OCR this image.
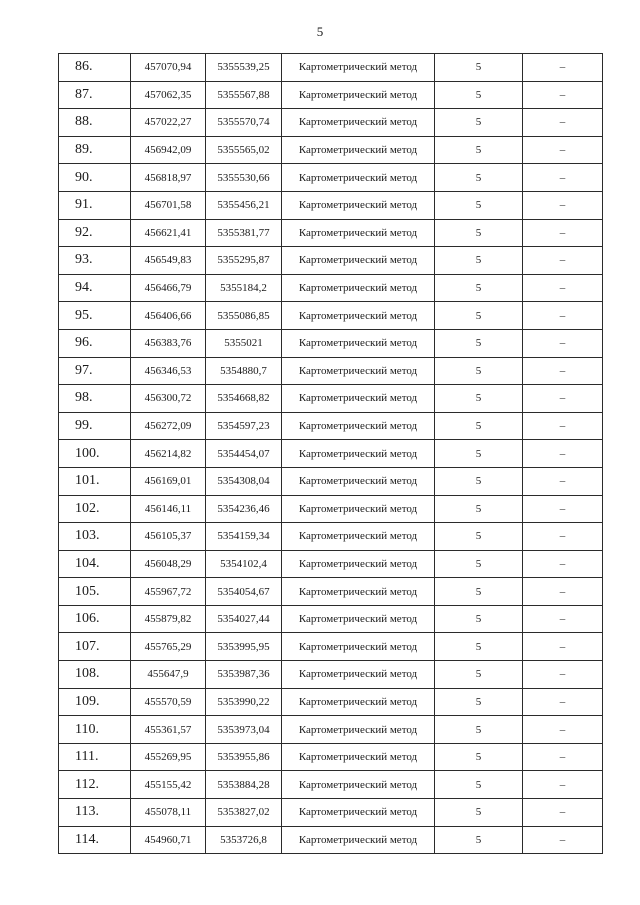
5
86.	457070,94	5355539,25	Картометрический метод	5	–
87.	457062,35	5355567,88	Картометрический метод	5	–
88.	457022,27	5355570,74	Картометрический метод	5	–
89.	456942,09	5355565,02	Картометрический метод	5	–
90.	456818,97	5355530,66	Картометрический метод	5	–
91.	456701,58	5355456,21	Картометрический метод	5	–
92.	456621,41	5355381,77	Картометрический метод	5	–
93.	456549,83	5355295,87	Картометрический метод	5	–
94.	456466,79	5355184,2	Картометрический метод	5	–
95.	456406,66	5355086,85	Картометрический метод	5	–
96.	456383,76	5355021	Картометрический метод	5	–
97.	456346,53	5354880,7	Картометрический метод	5	–
98.	456300,72	5354668,82	Картометрический метод	5	–
99.	456272,09	5354597,23	Картометрический метод	5	–
100.	456214,82	5354454,07	Картометрический метод	5	–
101.	456169,01	5354308,04	Картометрический метод	5	–
102.	456146,11	5354236,46	Картометрический метод	5	–
103.	456105,37	5354159,34	Картометрический метод	5	–
104.	456048,29	5354102,4	Картометрический метод	5	–
105.	455967,72	5354054,67	Картометрический метод	5	–
106.	455879,82	5354027,44	Картометрический метод	5	–
107.	455765,29	5353995,95	Картометрический метод	5	–
108.	455647,9	5353987,36	Картометрический метод	5	–
109.	455570,59	5353990,22	Картометрический метод	5	–
110.	455361,57	5353973,04	Картометрический метод	5	–
111.	455269,95	5353955,86	Картометрический метод	5	–
112.	455155,42	5353884,28	Картометрический метод	5	–
113.	455078,11	5353827,02	Картометрический метод	5	–
114.	454960,71	5353726,8	Картометрический метод	5	–
